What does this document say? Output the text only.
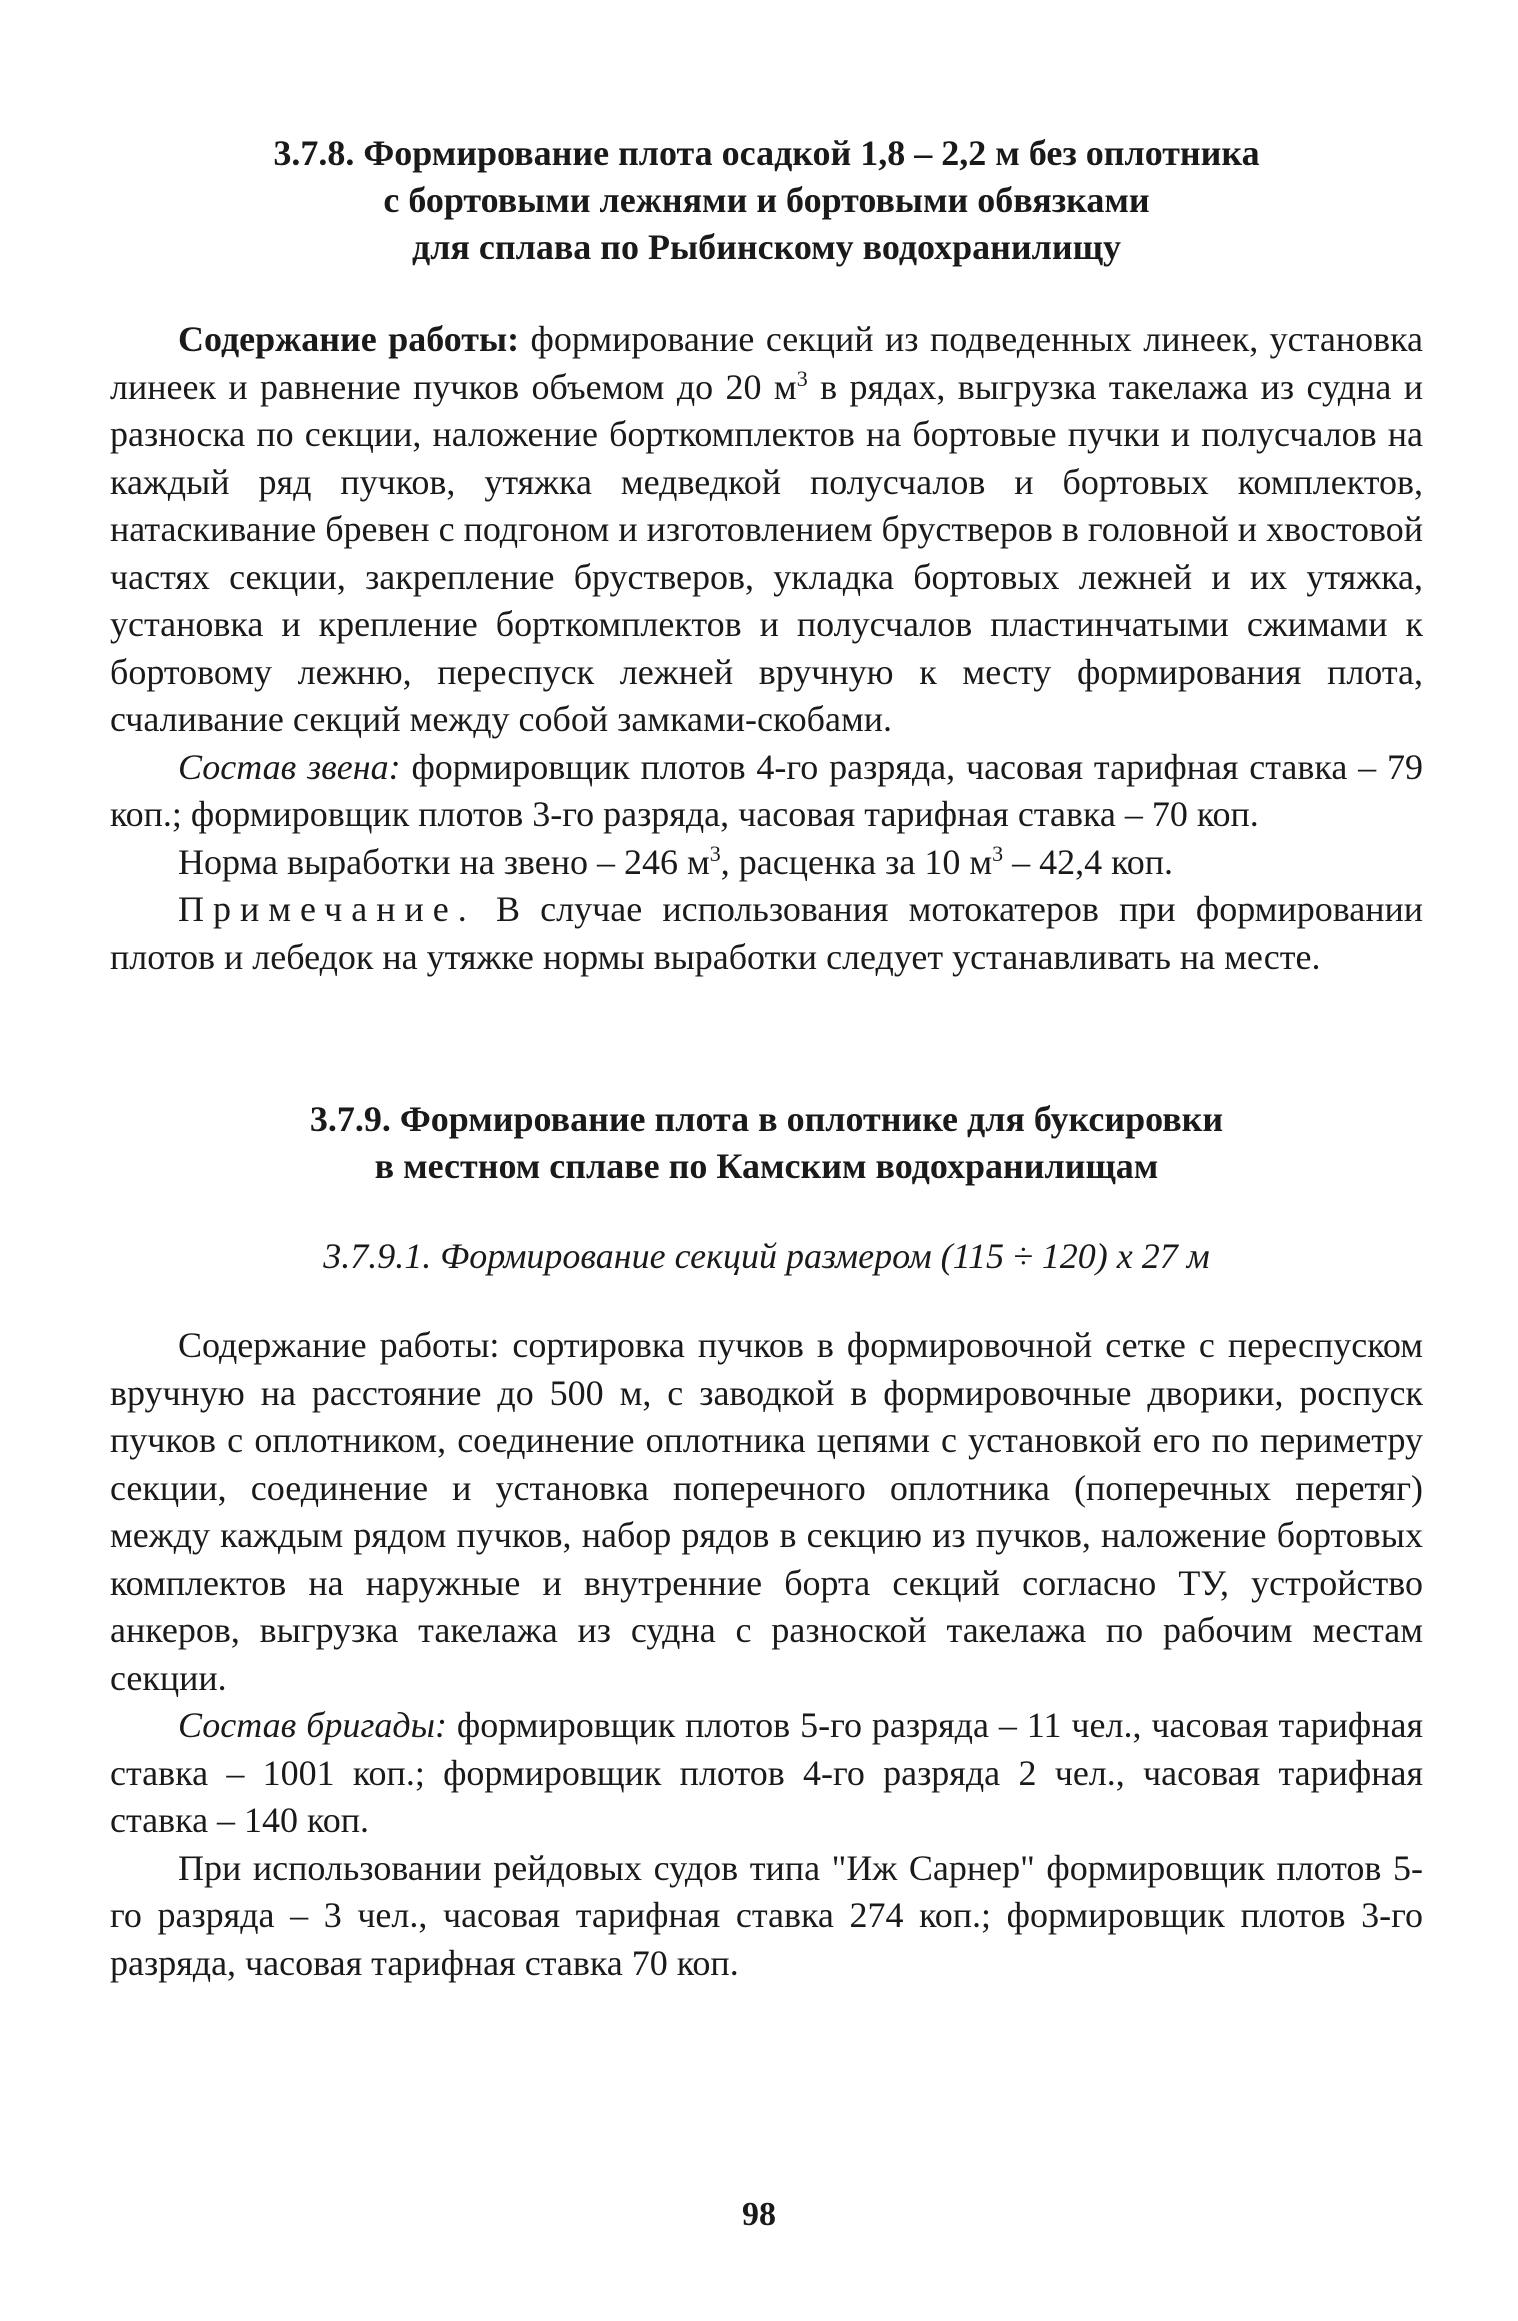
3.7.8. Формирование плота осадкой 1,8 – 2,2 м без оплотника
с бортовыми лежнями и бортовыми обвязками
для сплава по Рыбинскому водохранилищу

Содержание работы: формирование секций из подведенных линеек, установка линеек и равнение пучков объемом до 20 $м^3$ в рядах, выгрузка такелажа из судна и разноска по секции, наложение борткомплектов на бортовые пучки и полусчалов на каждый ряд пучков, утяжка медведкой полусчалов и бортовых комплектов, натаскивание бревен с подгоном и изготовлением брустверов в головной и хвостовой частях секции, закрепление брустверов, укладка бортовых лежней и их утяжка, установка и крепление борткомплектов и полусчалов пластинчатыми сжимами к бортовому лежню, переспуск лежней вручную к месту формирования плота, счаливание секций между собой замками-скобами.

Состав звена: формировщик плотов 4-го разряда, часовая тарифная ставка – 79 коп.; формировщик плотов 3-го разряда, часовая тарифная ставка – 70 коп.

Норма выработки на звено – 246 $м^3$, расценка за 10 $м^3 - 42,4$ коп.

Примечание. В случае использования мотокатеров при формировании плотов и лебедок на утяжке нормы выработки следует устанавливать на месте.

3.7.9. Формирование плота в оплотнике для буксировки
в местном сплаве по Камским водохранилищам

3.7.9.1. Формирование секций размером (115 ÷ 120) х 27 м

Содержание работы: сортировка пучков в формировочной сетке с переспуском вручную на расстояние до 500 м, с заводкой в формировочные дворики, роспуск пучков с оплотником, соединение оплотника цепями с установкой его по периметру секции, соединение и установка поперечного оплотника (поперечных перетяг) между каждым рядом пучков, набор рядов в секцию из пучков, наложение бортовых комплектов на наружные и внутренние борта секций согласно ТУ, устройство анкеров, выгрузка такелажа из судна с разноской такелажа по рабочим местам секции.

Состав бригады: формировщик плотов 5-го разряда – 11 чел., часовая тарифная ставка – 1001 коп.; формировщик плотов 4-го разряда 2 чел., часовая тарифная ставка – 140 коп.

При использовании рейдовых судов типа "Иж Сарнер" формировщик плотов 5-го разряда – 3 чел., часовая тарифная ставка 274 коп.; формировщик плотов 3-го разряда, часовая тарифная ставка 70 коп.

98
